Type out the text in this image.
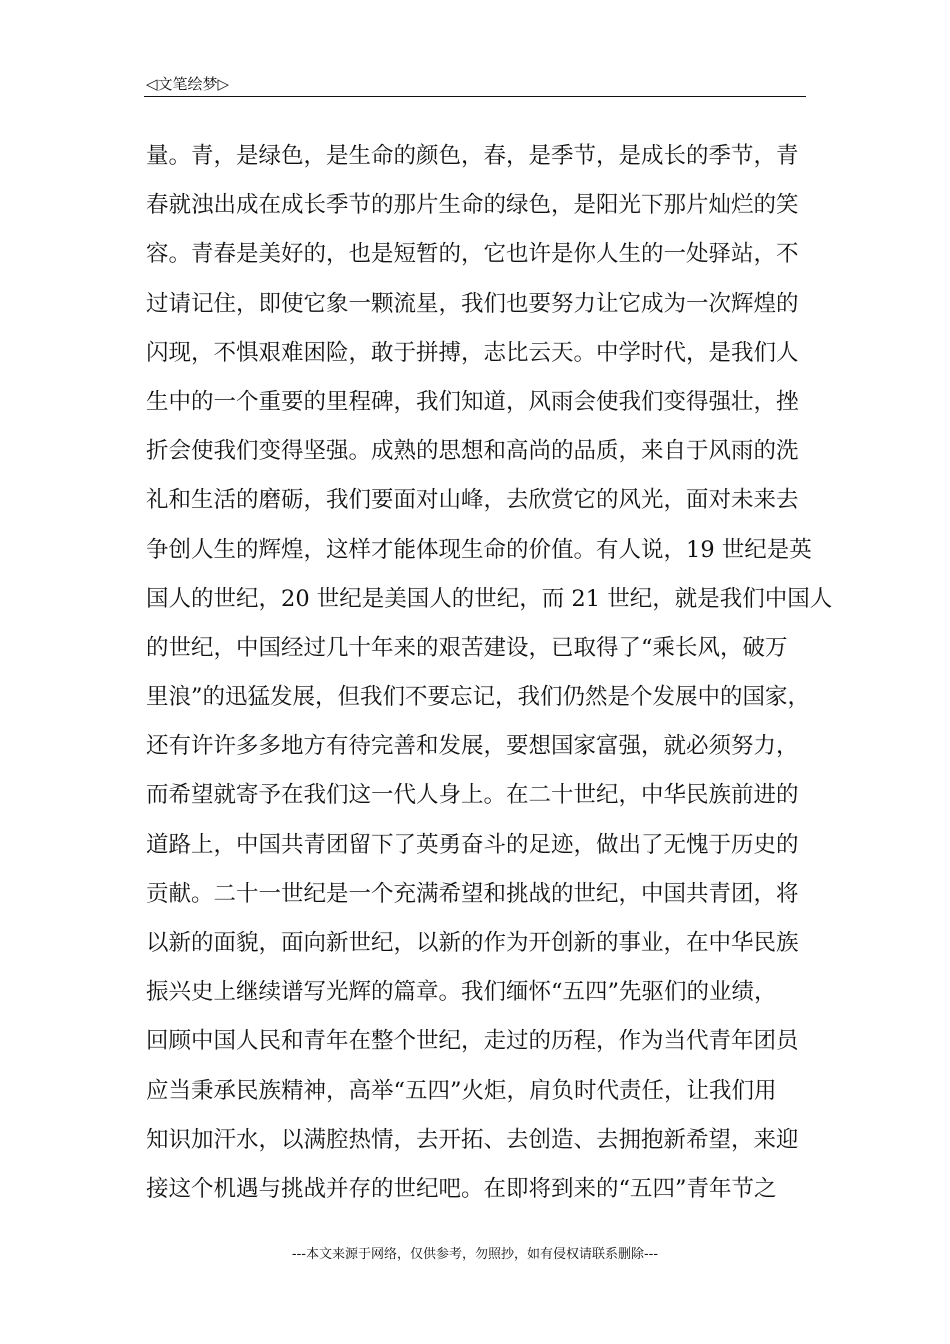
◁文笔绘梦▷
量。青，是绿色，是生命的颜色，春，是季节，是成长的季节，青
春就浊出成在成长季节的那片生命的绿色，是阳光下那片灿烂的笑
容。青春是美好的，也是短暂的，它也许是你人生的一处驿站，不
过请记住，即使它象一颗流星，我们也要努力让它成为一次辉煌的
闪现，不惧艰难困险，敢于拼搏，志比云天。中学时代，是我们人
生中的一个重要的里程碑，我们知道，风雨会使我们变得强壮，挫
折会使我们变得坚强。成熟的思想和高尚的品质，来自于风雨的洗
礼和生活的磨砺，我们要面对山峰，去欣赏它的风光，面对未来去
争创人生的辉煌，这样才能体现生命的价值。有人说，19 世纪是英
国人的世纪，20 世纪是美国人的世纪，而 21 世纪，就是我们中国人
的世纪，中国经过几十年来的艰苦建设，已取得了“乘长风，破万
里浪”的迅猛发展，但我们不要忘记，我们仍然是个发展中的国家，
还有许许多多地方有待完善和发展，要想国家富强，就必须努力，
而希望就寄予在我们这一代人身上。在二十世纪，中华民族前进的
道路上，中国共青团留下了英勇奋斗的足迹，做出了无愧于历史的
贡献。二十一世纪是一个充满希望和挑战的世纪，中国共青团，将
以新的面貌，面向新世纪，以新的作为开创新的事业，在中华民族
振兴史上继续谱写光辉的篇章。我们缅怀“五四”先驱们的业绩，
回顾中国人民和青年在整个世纪，走过的历程，作为当代青年团员
应当秉承民族精神，高举“五四”火炬，肩负时代责任，让我们用
知识加汗水，以满腔热情，去开拓、去创造、去拥抱新希望，来迎
接这个机遇与挑战并存的世纪吧。在即将到来的“五四”青年节之
---本文来源于网络，仅供参考，勿照抄，如有侵权请联系删除---
